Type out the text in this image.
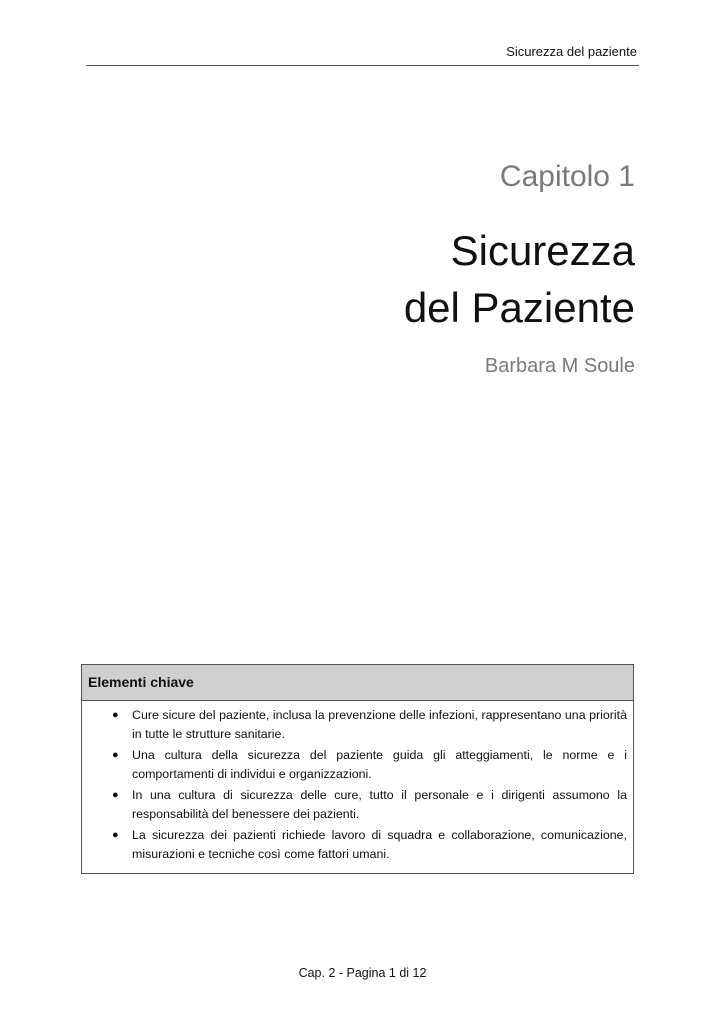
Sicurezza del paziente
Capitolo 1
Sicurezza
del Paziente
Barbara M Soule
Elementi chiave
● Cure sicure del paziente, inclusa la prevenzione delle infezioni, rappresentano una priorità in tutte le strutture sanitarie.
● Una cultura della sicurezza del paziente guida gli atteggiamenti, le norme e i comportamenti di individui e organizzazioni.
● In una cultura di sicurezza delle cure, tutto il personale e i dirigenti assumono la responsabilità del benessere dei pazienti.
● La sicurezza dei pazienti richiede lavoro di squadra e collaborazione, comunicazione, misurazioni e tecniche così come fattori umani.
Cap. 2 - Pagina 1 di 12
